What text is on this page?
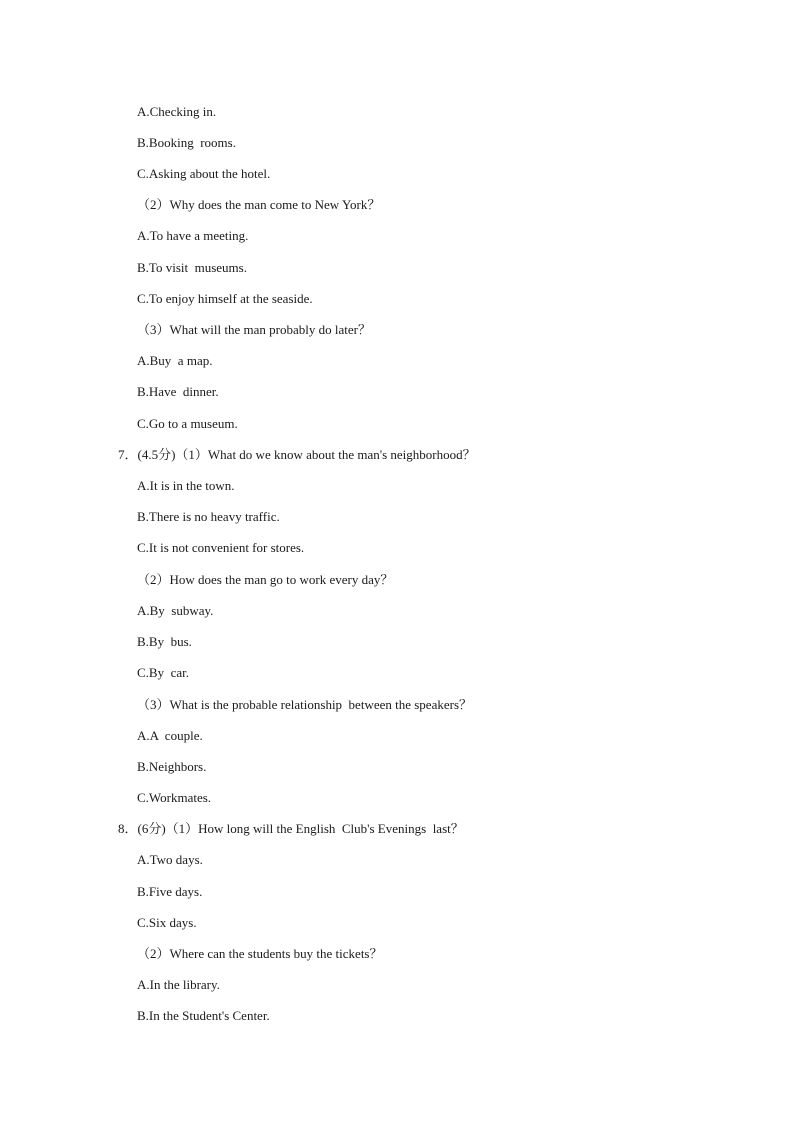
A.Checking in.
B.Booking  rooms.
C.Asking about the hotel.
（2）Why does the man come to New York？
A.To have a meeting.
B.To visit  museums.
C.To enjoy himself at the seaside.
（3）What will the man probably do later？
A.Buy  a map.
B.Have  dinner.
C.Go to a museum.
7．(4.5分)（1）What do we know about the man's neighborhood？
A.It is in the town.
B.There is no heavy traffic.
C.It is not convenient for stores.
（2）How does the man go to work every day？
A.By  subway.
B.By  bus.
C.By  car.
（3）What is the probable relationship  between the speakers？
A.A  couple.
B.Neighbors.
C.Workmates.
8．(6分)（1）How long will the English  Club's Evenings  last？
A.Two days.
B.Five days.
C.Six days.
（2）Where can the students buy the tickets？
A.In the library.
B.In the Student's Center.
